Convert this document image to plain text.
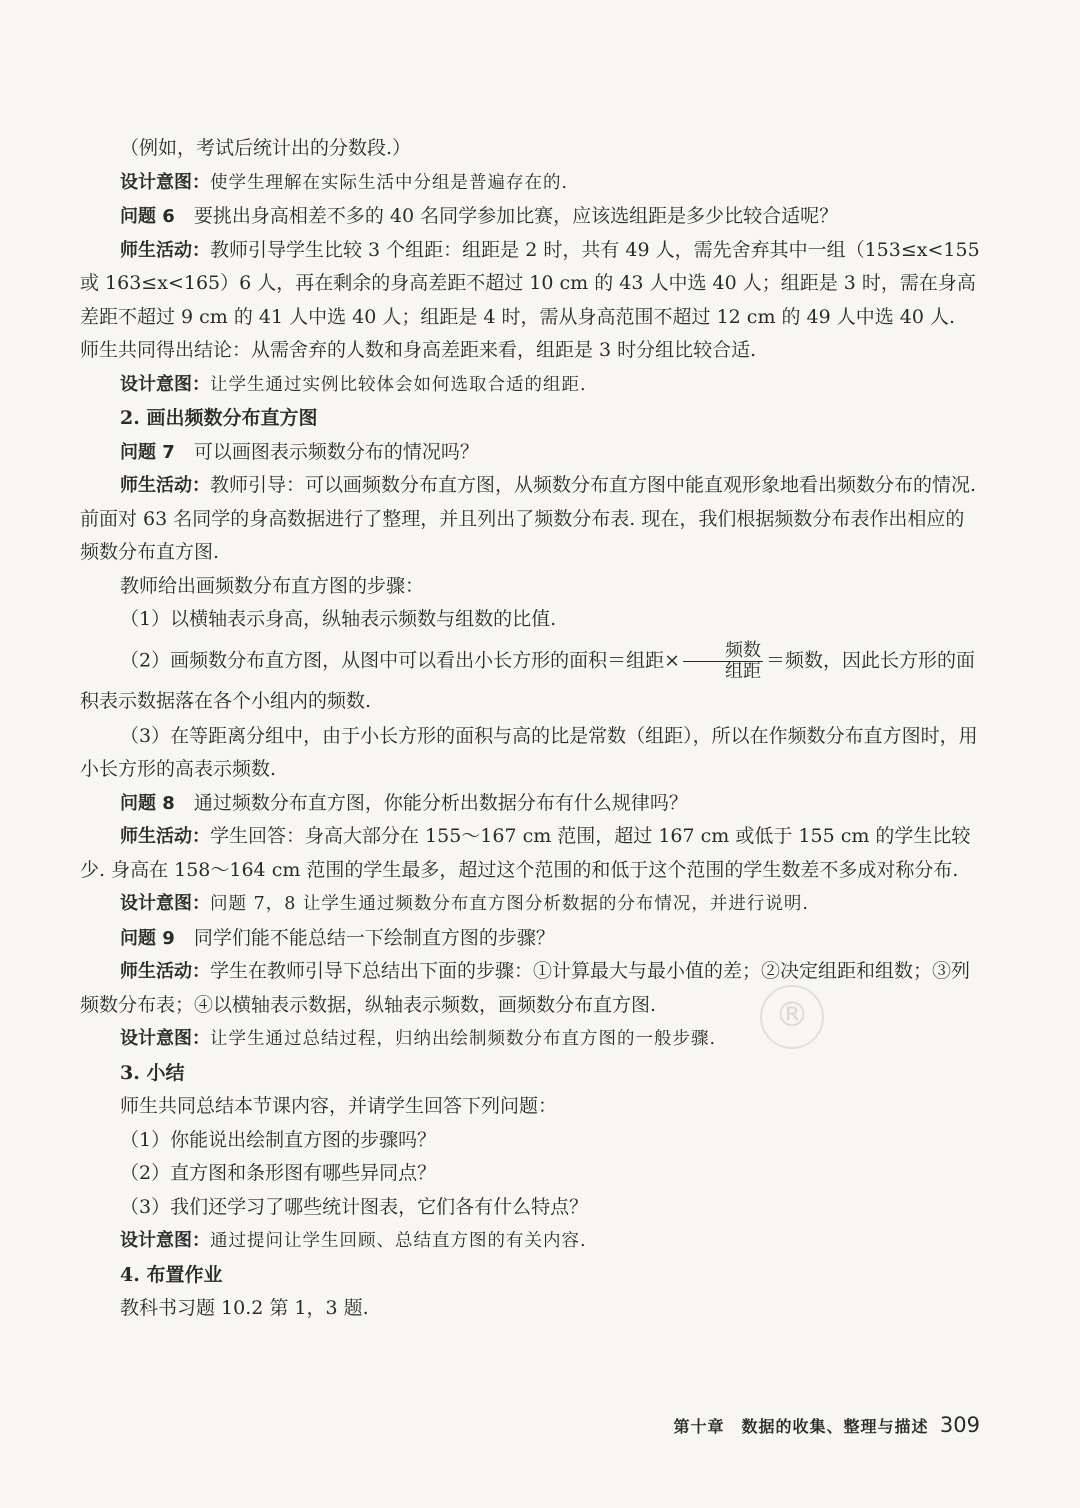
（例如，考试后统计出的分数段.）

设计意图：使学生理解在实际生活中分组是普遍存在的.

问题 6　 要挑出身高相差不多的 40 名同学参加比赛，应该选组距是多少比较合适呢？

师生活动：教师引导学生比较 3 个组距：组距是 2 时，共有 49 人，需先舍弃其中一组（153≤x<155 或 163≤x<165）6 人，再在剩余的身高差距不超过 10 cm 的 43 人中选 40 人；组距是 3 时，需在身高差距不超过 9 cm 的 41 人中选 40 人；组距是 4 时，需从身高范围不超过 12 cm 的 49 人中选 40 人. 师生共同得出结论：从需舍弃的人数和身高差距来看，组距是 3 时分组比较合适.

设计意图：让学生通过实例比较体会如何选取合适的组距.

2. 画出频数分布直方图

问题 7　 可以画图表示频数分布的情况吗？

师生活动：教师引导：可以画频数分布直方图，从频数分布直方图中能直观形象地看出频数分布的情况. 前面对 63 名同学的身高数据进行了整理，并且列出了频数分布表. 现在，我们根据频数分布表作出相应的频数分布直方图.

教师给出画频数分布直方图的步骤：

（1）以横轴表示身高，纵轴表示频数与组数的比值.

（2）画频数分布直方图，从图中可以看出小长方形的面积＝组距× $\frac{\text{频数}}{\text{组距}}$ ＝频数，因此长方形的面积表示数据落在各个小组内的频数.

（3）在等距离分组中，由于小长方形的面积与高的比是常数（组距），所以在作频数分布直方图时，用小长方形的高表示频数.

问题 8　 通过频数分布直方图，你能分析出数据分布有什么规律吗？

师生活动：学生回答：身高大部分在 155～167 cm 范围，超过 167 cm 或低于 155 cm 的学生比较少. 身高在 158～164 cm 范围的学生最多，超过这个范围的和低于这个范围的学生数差不多成对称分布.

设计意图：问题 7，8 让学生通过频数分布直方图分析数据的分布情况，并进行说明.

问题 9　 同学们能不能总结一下绘制直方图的步骤？

师生活动：学生在教师引导下总结出下面的步骤：①计算最大与最小值的差；②决定组距和组数；③列频数分布表；④以横轴表示数据，纵轴表示频数，画频数分布直方图.

设计意图：让学生通过总结过程，归纳出绘制频数分布直方图的一般步骤.

3. 小结

师生共同总结本节课内容，并请学生回答下列问题：

（1）你能说出绘制直方图的步骤吗？

（2）直方图和条形图有哪些异同点？

（3）我们还学习了哪些统计图表，它们各有什么特点？

设计意图：通过提问让学生回顾、总结直方图的有关内容.

4. 布置作业

教科书习题 10.2 第 1，3 题.

®
第十章　数据的收集、整理与描述 309
